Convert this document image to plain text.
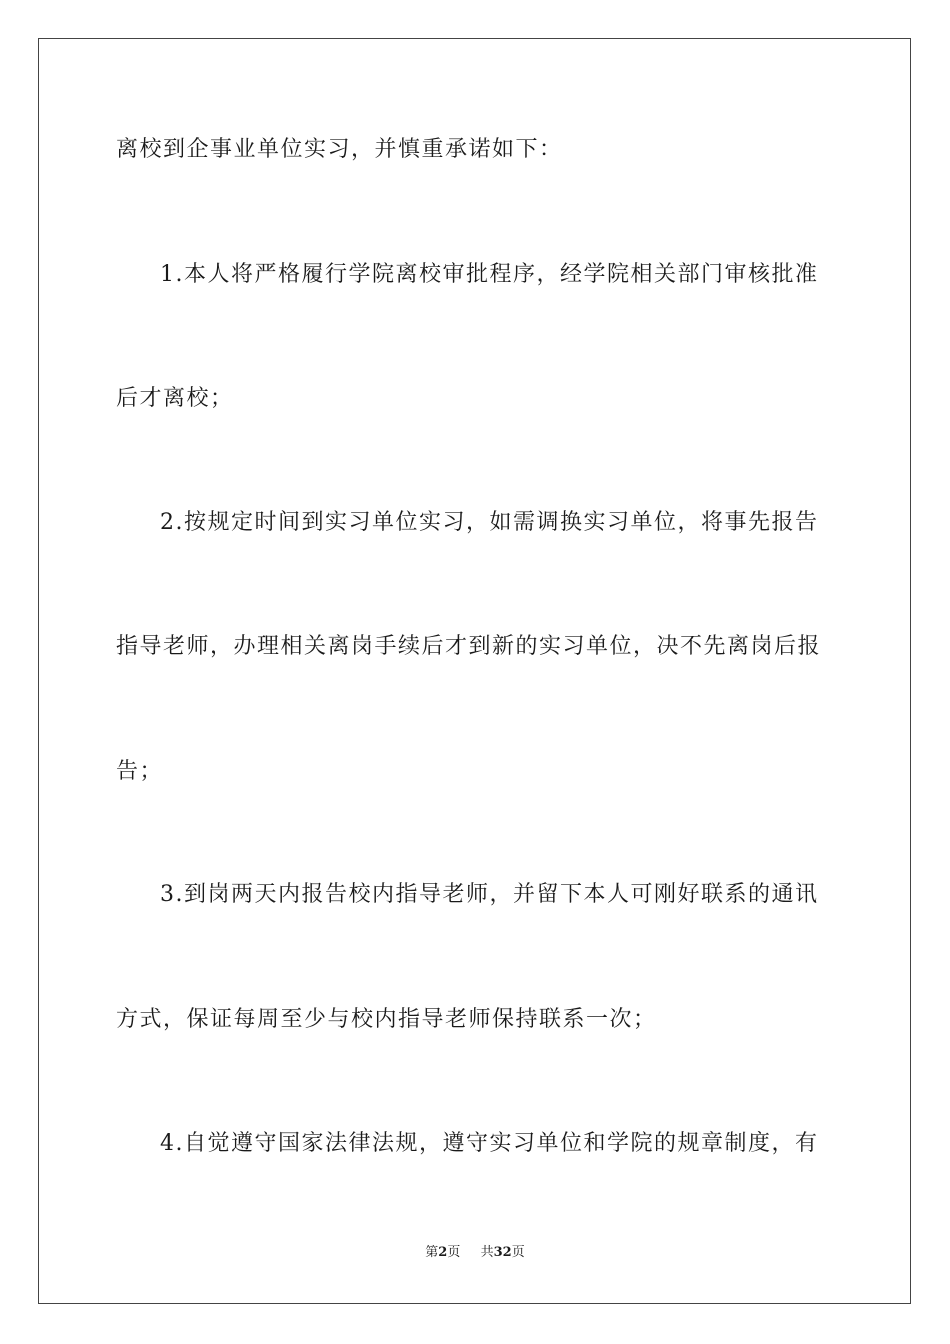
离校到企事业单位实习，并慎重承诺如下：
1.本人将严格履行学院离校审批程序，经学院相关部门审核批准
后才离校；
2.按规定时间到实习单位实习，如需调换实习单位，将事先报告
指导老师，办理相关离岗手续后才到新的实习单位，决不先离岗后报
告；
3.到岗两天内报告校内指导老师，并留下本人可刚好联系的通讯
方式，保证每周至少与校内指导老师保持联系一次；
4.自觉遵守国家法律法规，遵守实习单位和学院的规章制度，有
第2页 共32页
